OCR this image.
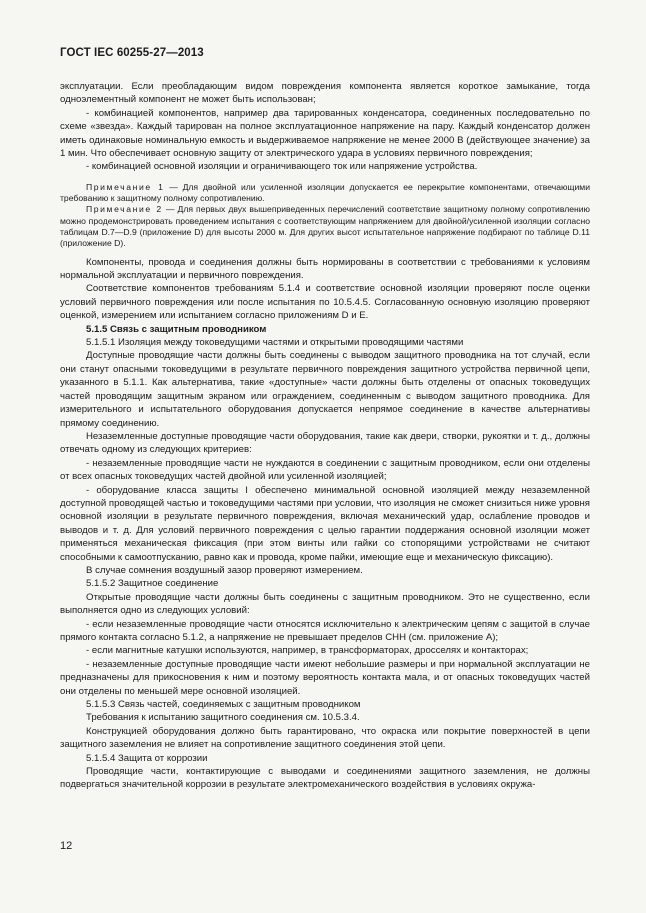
ГОСТ IEC 60255-27—2013

эксплуатации. Если преобладающим видом повреждения компонента является короткое замыкание, тогда одноэлементный компонент не может быть использован;

- комбинацией компонентов, например два тарированных конденсатора, соединенных последовательно по схеме «звезда». Каждый тарирован на полное эксплуатационное напряжение на пару. Каждый конденсатор должен иметь одинаковые номинальную емкость и выдерживаемое напряжение не менее 2000 В (действующее значение) за 1 мин. Что обеспечивает основную защиту от электрического удара в условиях первичного повреждения;

- комбинацией основной изоляции и ограничивающего ток или напряжение устройства.

Примечание 1 — Для двойной или усиленной изоляции допускается ее перекрытие компонентами, отвечающими требованию к защитному полному сопротивлению.

Примечание 2 — Для первых двух вышеприведенных перечислений соответствие защитному полному сопротивлению можно продемонстрировать проведением испытания с соответствующим напряжением для двойной/усиленной изоляции согласно таблицам D.7—D.9 (приложение D) для высоты 2000 м. Для других высот испытательное напряжение подбирают по таблице D.11 (приложение D).

Компоненты, провода и соединения должны быть нормированы в соответствии с требованиями к условиям нормальной эксплуатации и первичного повреждения.

Соответствие компонентов требованиям 5.1.4 и соответствие основной изоляции проверяют после оценки условий первичного повреждения или после испытания по 10.5.4.5. Согласованную основную изоляцию проверяют оценкой, измерением или испытанием согласно приложениям D и E.

5.1.5 Связь с защитным проводником

5.1.5.1 Изоляция между токоведущими частями и открытыми проводящими частями

Доступные проводящие части должны быть соединены с выводом защитного проводника на тот случай, если они станут опасными токоведущими в результате первичного повреждения защитного устройства первичной цепи, указанного в 5.1.1. Как альтернатива, такие «доступные» части должны быть отделены от опасных токоведущих частей проводящим защитным экраном или ограждением, соединенным с выводом защитного проводника. Для измерительного и испытательного оборудования допускается непрямое соединение в качестве альтернативы прямому соединению.

Незаземленные доступные проводящие части оборудования, такие как двери, створки, рукоятки и т. д., должны отвечать одному из следующих критериев:

- незаземленные проводящие части не нуждаются в соединении с защитным проводником, если они отделены от всех опасных токоведущих частей двойной или усиленной изоляцией;

- оборудование класса защиты I обеспечено минимальной основной изоляцией между незаземленной доступной проводящей частью и токоведущими частями при условии, что изоляция не сможет снизиться ниже уровня основной изоляции в результате первичного повреждения, включая механический удар, ослабление проводов и выводов и т. д. Для условий первичного повреждения с целью гарантии поддержания основной изоляции может применяться механическая фиксация (при этом винты или гайки со стопорящими устройствами не считают способными к самоотпусканию, равно как и провода, кроме пайки, имеющие еще и механическую фиксацию).

В случае сомнения воздушный зазор проверяют измерением.

5.1.5.2 Защитное соединение

Открытые проводящие части должны быть соединены с защитным проводником. Это не существенно, если выполняется одно из следующих условий:

- если незаземленные проводящие части относятся исключительно к электрическим цепям с защитой в случае прямого контакта согласно 5.1.2, а напряжение не превышает пределов СНН (см. приложение А);

- если магнитные катушки используются, например, в трансформаторах, дросселях и контакторах;

- незаземленные доступные проводящие части имеют небольшие размеры и при нормальной эксплуатации не предназначены для прикосновения к ним и поэтому вероятность контакта мала, и от опасных токоведущих частей они отделены по меньшей мере основной изоляцией.

5.1.5.3 Связь частей, соединяемых с защитным проводником

Требования к испытанию защитного соединения см. 10.5.3.4.

Конструкцией оборудования должно быть гарантировано, что окраска или покрытие поверхностей в цепи защитного заземления не влияет на сопротивление защитного соединения этой цепи.

5.1.5.4 Защита от коррозии

Проводящие части, контактирующие с выводами и соединениями защитного заземления, не должны подвергаться значительной коррозии в результате электромеханического воздействия в условиях окружа-

12
